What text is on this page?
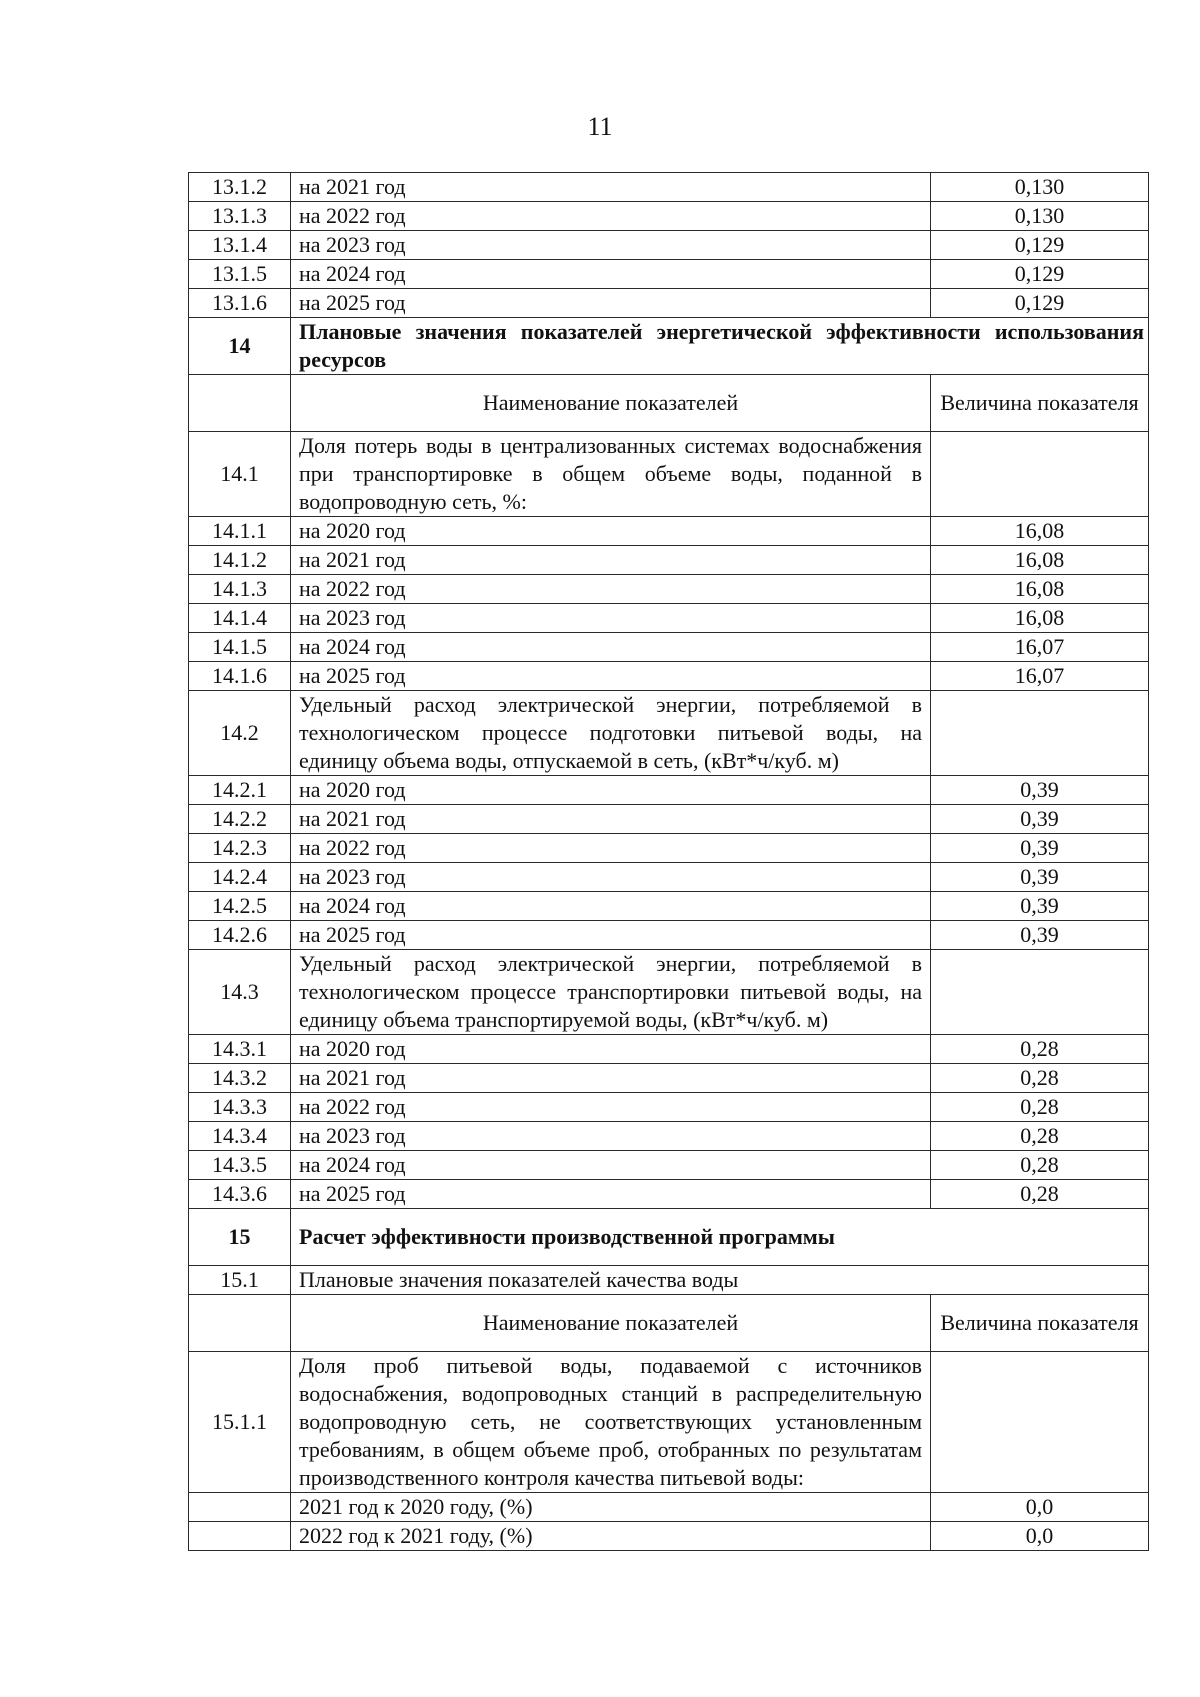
11
13.1.2	на 2021 год	0,130
13.1.3	на 2022 год	0,130
13.1.4	на 2023 год	0,129
13.1.5	на 2024 год	0,129
13.1.6	на 2025 год	0,129
14	Плановые значения показателей энергетической эффективности использования ресурсов	
	Наименование показателей	Величина показателя
14.1	Доля потерь воды в централизованных системах водоснабжения при транспортировке в общем объеме воды, поданной в водопроводную сеть, %:	
14.1.1	на 2020 год	16,08
14.1.2	на 2021 год	16,08
14.1.3	на 2022 год	16,08
14.1.4	на 2023 год	16,08
14.1.5	на 2024 год	16,07
14.1.6	на 2025 год	16,07
14.2	Удельный расход электрической энергии, потребляемой в технологическом процессе подготовки питьевой воды, на единицу объема воды, отпускаемой в сеть, (кВт*ч/куб. м)	
14.2.1	на 2020 год	0,39
14.2.2	на 2021 год	0,39
14.2.3	на 2022 год	0,39
14.2.4	на 2023 год	0,39
14.2.5	на 2024 год	0,39
14.2.6	на 2025 год	0,39
14.3	Удельный расход электрической энергии, потребляемой в технологическом процессе транспортировки питьевой воды, на единицу объема транспортируемой воды, (кВт*ч/куб. м)	
14.3.1	на 2020 год	0,28
14.3.2	на 2021 год	0,28
14.3.3	на 2022 год	0,28
14.3.4	на 2023 год	0,28
14.3.5	на 2024 год	0,28
14.3.6	на 2025 год	0,28
15	Расчет эффективности производственной программы	
15.1	Плановые значения показателей качества воды	
	Наименование показателей	Величина показателя
15.1.1	Доля проб питьевой воды, подаваемой с источников водоснабжения, водопроводных станций в распределительную водопроводную сеть, не соответствующих установленным требованиям, в общем объеме проб, отобранных по результатам производственного контроля качества питьевой воды:	
	2021 год к 2020 году, (%)	0,0
	2022 год к 2021 году, (%)	0,0
